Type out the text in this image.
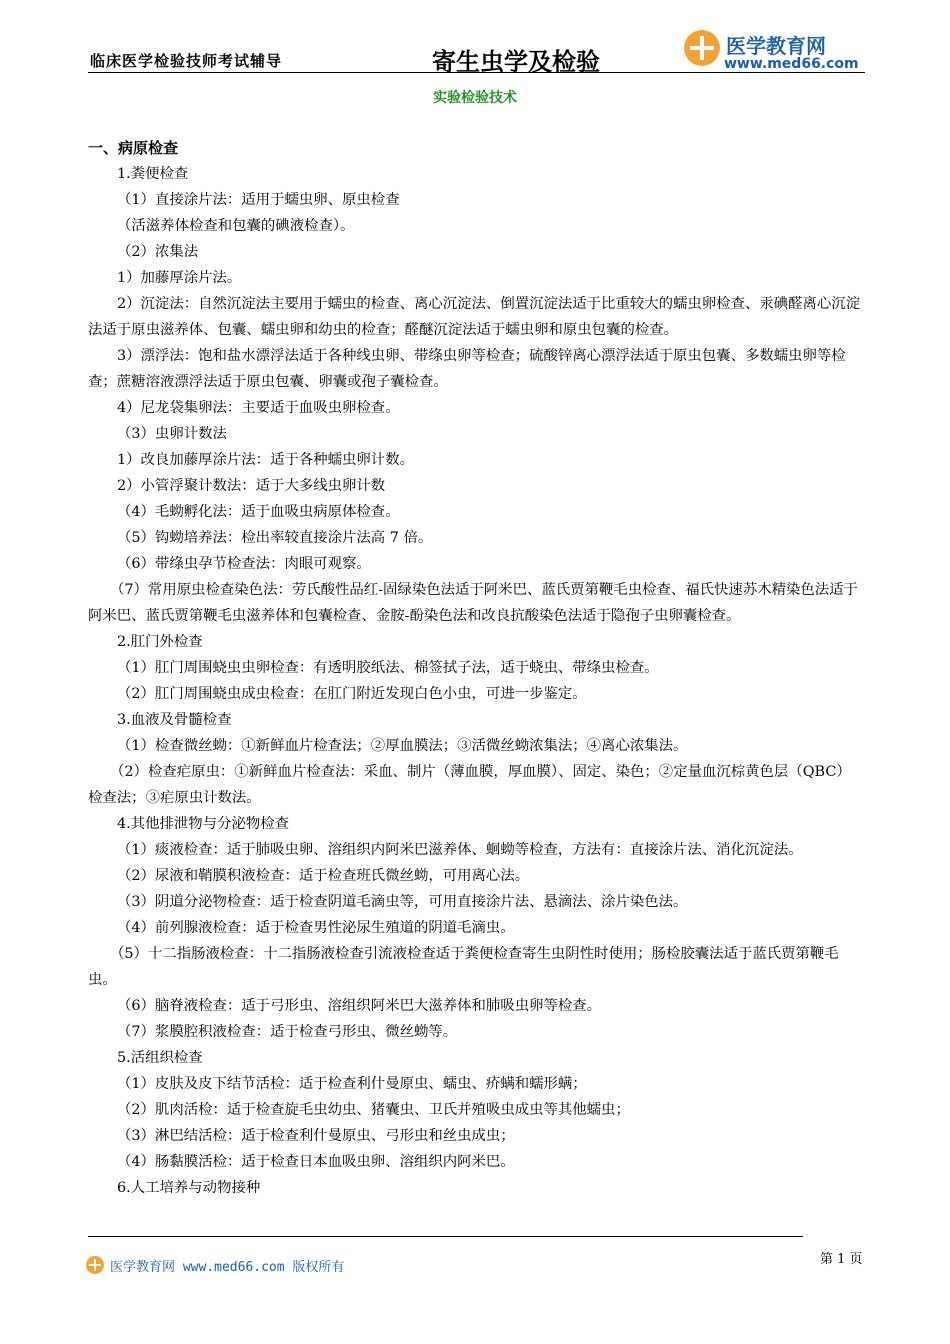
临床医学检验技师考试辅导	寄生虫学及检验
医学教育网
www.med66.com
实验检验技术
一、病原检查

1.粪便检查

（1）直接涂片法：适用于蠕虫卵、原虫检查

（活滋养体检查和包囊的碘液检查）。

（2）浓集法

1）加藤厚涂片法。

2）沉淀法：自然沉淀法主要用于蠕虫的检查、离心沉淀法、倒置沉淀法适于比重较大的蠕虫卵检查、汞碘醛离心沉淀法适于原虫滋养体、包囊、蠕虫卵和幼虫的检查；醛醚沉淀法适于蠕虫卵和原虫包囊的检查。

3）漂浮法：饱和盐水漂浮法适于各种线虫卵、带绦虫卵等检查；硫酸锌离心漂浮法适于原虫包囊、多数蠕虫卵等检查；蔗糖溶液漂浮法适于原虫包囊、卵囊或孢子囊检查。

4）尼龙袋集卵法：主要适于血吸虫卵检查。

（3）虫卵计数法

1）改良加藤厚涂片法：适于各种蠕虫卵计数。

2）小管浮聚计数法：适于大多线虫卵计数

（4）毛蚴孵化法：适于血吸虫病原体检查。

（5）钩蚴培养法：检出率较直接涂片法高 7 倍。

（6）带绦虫孕节检查法：肉眼可观察。

（7）常用原虫检查染色法：劳氏酸性品红-固绿染色法适于阿米巴、蓝氏贾第鞭毛虫检查、福氏快速苏木精染色法适于阿米巴、蓝氏贾第鞭毛虫滋养体和包囊检查、金胺-酚染色法和改良抗酸染色法适于隐孢子虫卵囊检查。

2.肛门外检查

（1）肛门周围蛲虫虫卵检查：有透明胶纸法、棉签拭子法，适于蛲虫、带绦虫检查。

（2）肛门周围蛲虫成虫检查：在肛门附近发现白色小虫，可进一步鉴定。

3.血液及骨髓检查

（1）检查微丝蚴：①新鲜血片检查法；②厚血膜法；③活微丝蚴浓集法；④离心浓集法。

（2）检查疟原虫：①新鲜血片检查法：采血、制片（薄血膜，厚血膜）、固定、染色；②定量血沉棕黄色层（QBC）检查法；③疟原虫计数法。

4.其他排泄物与分泌物检查

（1）痰液检查：适于肺吸虫卵、溶组织内阿米巴滋养体、蛔蚴等检查，方法有：直接涂片法、消化沉淀法。

（2）尿液和鞘膜积液检查：适于检查班氏微丝蚴，可用离心法。

（3）阴道分泌物检查：适于检查阴道毛滴虫等，可用直接涂片法、悬滴法、涂片染色法。

（4）前列腺液检查：适于检查男性泌尿生殖道的阴道毛滴虫。

（5）十二指肠液检查：十二指肠液检查引流液检查适于粪便检查寄生虫阴性时使用；肠检胶囊法适于蓝氏贾第鞭毛虫。

（6）脑脊液检查：适于弓形虫、溶组织阿米巴大滋养体和肺吸虫卵等检查。

（7）浆膜腔积液检查：适于检查弓形虫、微丝蚴等。

5.活组织检查

（1）皮肤及皮下结节活检：适于检查利什曼原虫、蠕虫、疥螨和蠕形螨；

（2）肌肉活检：适于检查旋毛虫幼虫、猪囊虫、卫氏并殖吸虫成虫等其他蠕虫；

（3）淋巴结活检：适于检查利什曼原虫、弓形虫和丝虫成虫；

（4）肠黏膜活检：适于检查日本血吸虫卵、溶组织内阿米巴。

6.人工培养与动物接种

医学教育网 www.med66.com 版权所有
第 1 页
